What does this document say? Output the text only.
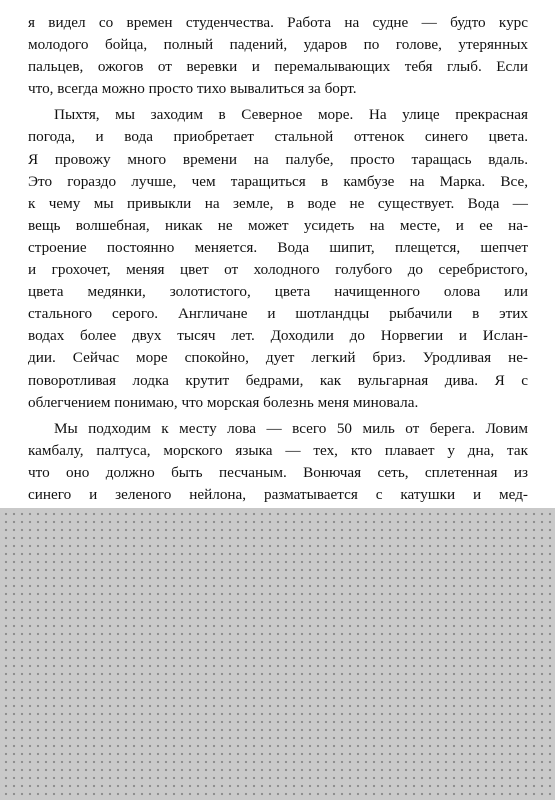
я видел со времен студенчества. Работа на судне — будто курс
молодого бойца, полный падений, ударов по голове, утерянных
пальцев, ожогов от веревки и перемалывающих тебя глыб. Если
что, всегда можно просто тихо вывалиться за борт.

Пыхтя, мы заходим в Северное море. На улице прекрасная
погода, и вода приобретает стальной оттенок синего цвета.
Я провожу много времени на палубе, просто таращась вдаль.
Это гораздо лучше, чем таращиться в камбузе на Марка. Все,
к чему мы привыкли на земле, в воде не существует. Вода —
вещь волшебная, никак не может усидеть на месте, и ее на-
строение постоянно меняется. Вода шипит, плещется, шепчет
и грохочет, меняя цвет от холодного голубого до серебристого,
цвета медянки, золотистого, цвета начищенного олова или
стального серого. Англичане и шотландцы рыбачили в этих
водах более двух тысяч лет. Доходили до Норвегии и Ислан-
дии. Сейчас море спокойно, дует легкий бриз. Уродливая не-
поворотливая лодка крутит бедрами, как вульгарная дива. Я с
облегчением понимаю, что морская болезнь меня миновала.

Мы подходим к месту лова — всего 50 миль от берега. Ловим
камбалу, палтуса, морского языка — тех, кто плавает у дна, так
что оно должно быть песчаным. Вонючая сеть, сплетенная из
синего и зеленого нейлона, разматывается с катушки и мед-
